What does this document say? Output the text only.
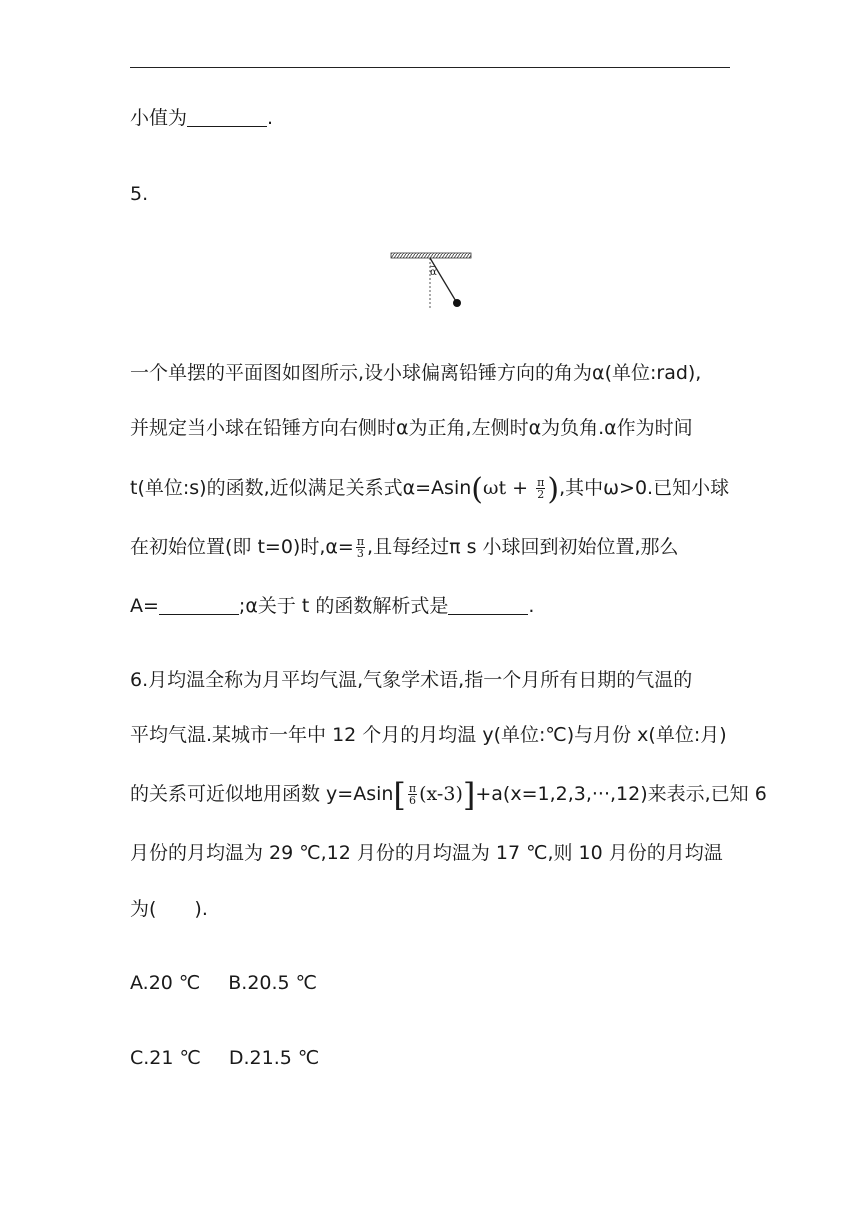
小值为	.
5.
α
一个单摆的平面图如图所示,设小球偏离铅锤方向的角为α(单位:rad),
并规定当小球在铅锤方向右侧时α为正角,左侧时α为负角.α作为时间
t(单位:s)的函数,近似满足关系式$\alpha=Asin(\omega t + \frac{\pi}{2}$ ),其中ω>0.已知小球
在初始位置(即 t=0)时$,\alpha= \frac{\pi}{3}$ ,且每经过π s 小球回到初始位置,那么
A=	;α关于 t 的函数解析式是	.
6.月均温全称为月平均气温,气象学术语,指一个月所有日期的气温的
平均气温.某城市一年中 12 个月的月均温 y(单位:℃)与月份 x(单位:月)
的关系可近似地用函数 $y=Asin[ \frac{\pi}{6} (x-3)]+a(x=1,2,3,\cdot\cdot\cdot,12)$来表示,已知 6
月份的月均温为 29 ℃,12 月份的月均温为 17 ℃,则 10 月份的月均温
为(　　).
A.20 ℃ B.20.5 ℃
C.21 ℃ D.21.5 ℃
